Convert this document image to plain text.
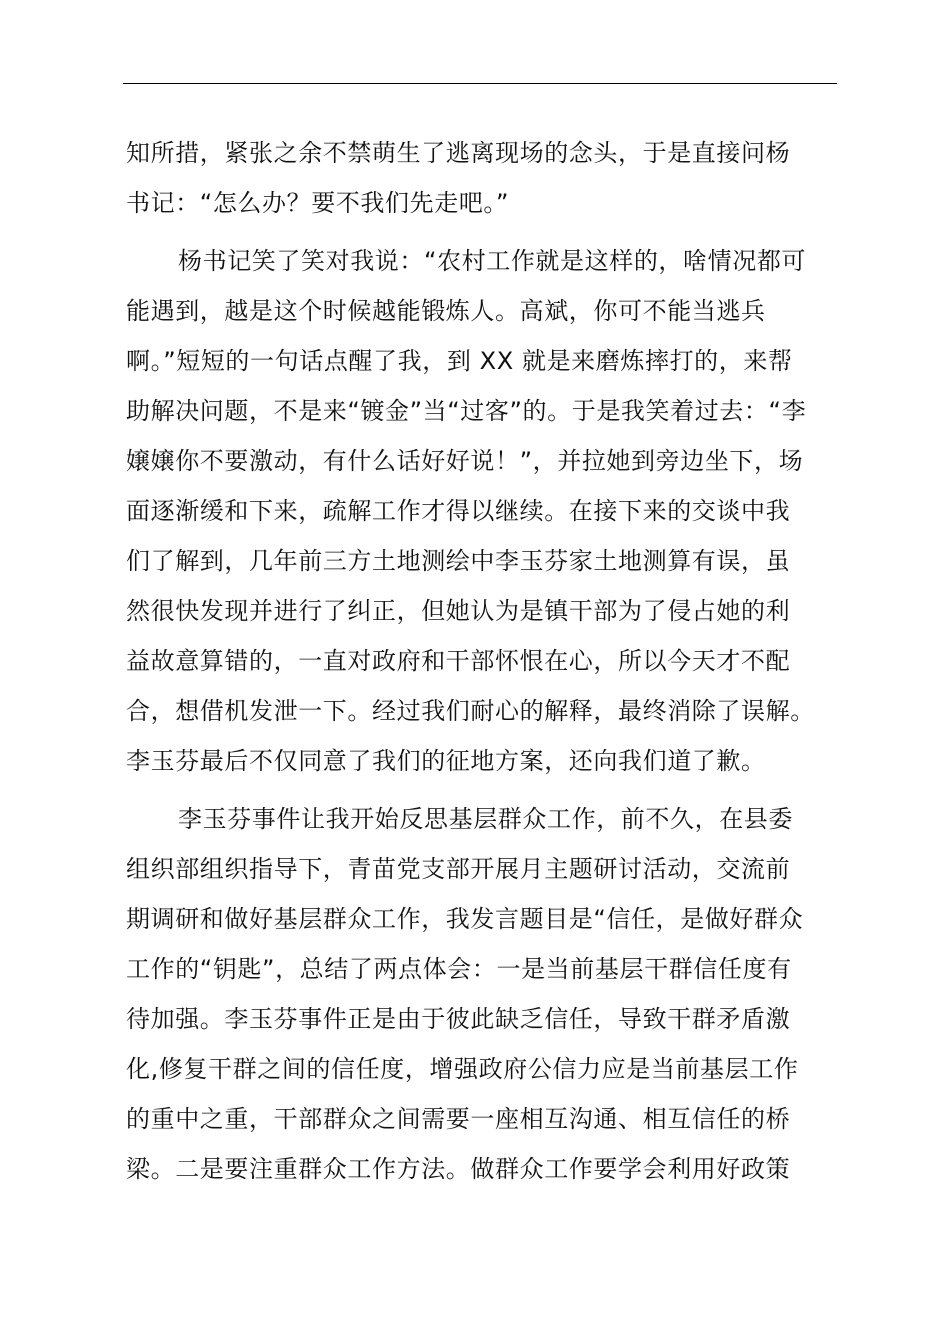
知所措，紧张之余不禁萌生了逃离现场的念头，于是直接问杨
书记：“怎么办？要不我们先走吧。”
杨书记笑了笑对我说：“农村工作就是这样的，啥情况都可
能遇到，越是这个时候越能锻炼人。高斌，你可不能当逃兵
啊。”短短的一句话点醒了我，到 XX 就是来磨炼摔打的，来帮
助解决问题，不是来“镀金”当“过客”的。于是我笑着过去：“李
嬢嬢你不要激动，有什么话好好说！”，并拉她到旁边坐下，场
面逐渐缓和下来，疏解工作才得以继续。在接下来的交谈中我
们了解到，几年前三方土地测绘中李玉芬家土地测算有误，虽
然很快发现并进行了纠正，但她认为是镇干部为了侵占她的利
益故意算错的，一直对政府和干部怀恨在心，所以今天才不配
合，想借机发泄一下。经过我们耐心的解释，最终消除了误解。
李玉芬最后不仅同意了我们的征地方案，还向我们道了歉。
李玉芬事件让我开始反思基层群众工作，前不久，在县委
组织部组织指导下，青苗党支部开展月主题研讨活动，交流前
期调研和做好基层群众工作，我发言题目是“信任，是做好群众
工作的“钥匙”，总结了两点体会：一是当前基层干群信任度有
待加强。李玉芬事件正是由于彼此缺乏信任，导致干群矛盾激
化,修复干群之间的信任度，增强政府公信力应是当前基层工作
的重中之重，干部群众之间需要一座相互沟通、相互信任的桥
梁。二是要注重群众工作方法。做群众工作要学会利用好政策
